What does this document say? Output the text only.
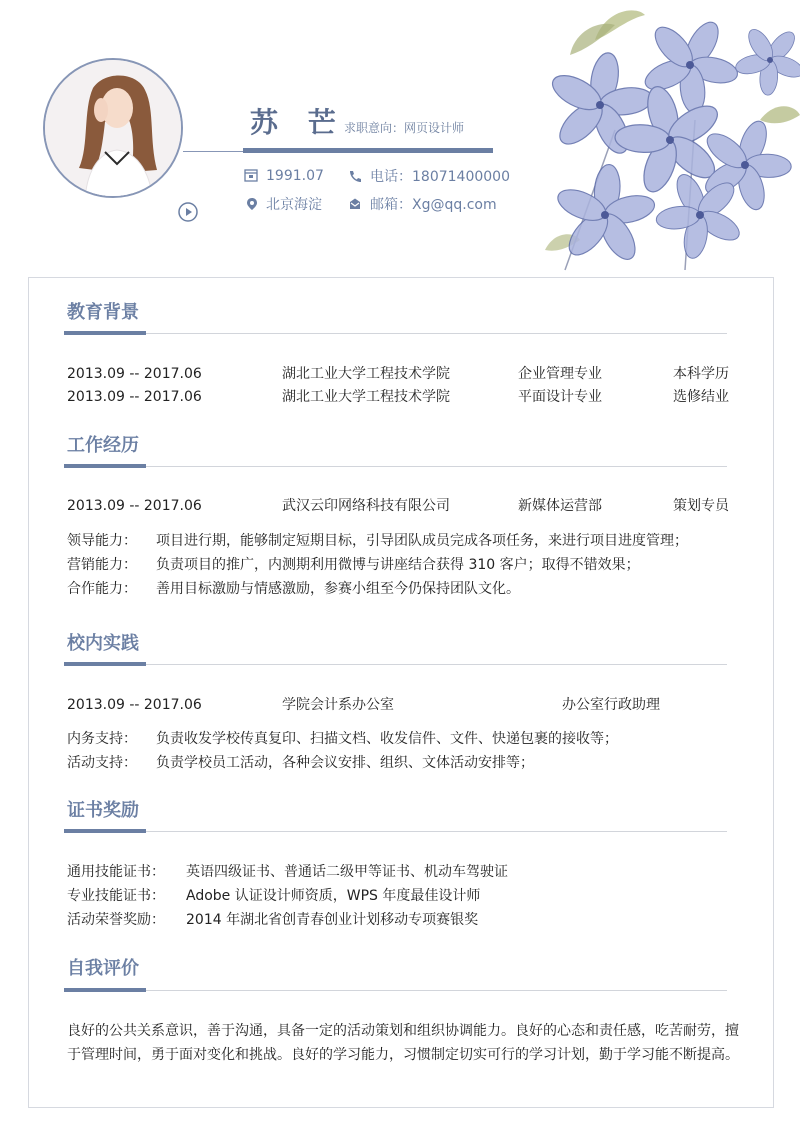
苏 芒
求职意向：网页设计师
1991.07	电话：18071400000
北京海淀	邮箱：Xg@qq.com
教育背景
2013.09 -- 2017.06	湖北工业大学工程技术学院	企业管理专业	本科学历
2013.09 -- 2017.06	湖北工业大学工程技术学院	平面设计专业	选修结业
工作经历
2013.09 -- 2017.06	武汉云印网络科技有限公司	新媒体运营部	策划专员
领导能力： 项目进行期，能够制定短期目标，引导团队成员完成各项任务，来进行项目进度管理；
营销能力： 负责项目的推广，内测期利用微博与讲座结合获得 310 客户；取得不错效果；
合作能力： 善用目标激励与情感激励，参赛小组至今仍保持团队文化。
校内实践
2013.09 -- 2017.06	学院会计系办公室	办公室行政助理
内务支持： 负责收发学校传真复印、扫描文档、收发信件、文件、快递包裹的接收等；
活动支持： 负责学校员工活动，各种会议安排、组织、文体活动安排等；
证书奖励
通用技能证书： 英语四级证书、普通话二级甲等证书、机动车驾驶证
专业技能证书： Adobe 认证设计师资质，WPS 年度最佳设计师
活动荣誉奖励： 2014 年湖北省创青春创业计划移动专项赛银奖
自我评价
良好的公共关系意识，善于沟通，具备一定的活动策划和组织协调能力。良好的心态和责任感，吃苦耐劳，擅于管理时间，勇于面对变化和挑战。良好的学习能力，习惯制定切实可行的学习计划，勤于学习能不断提高。
